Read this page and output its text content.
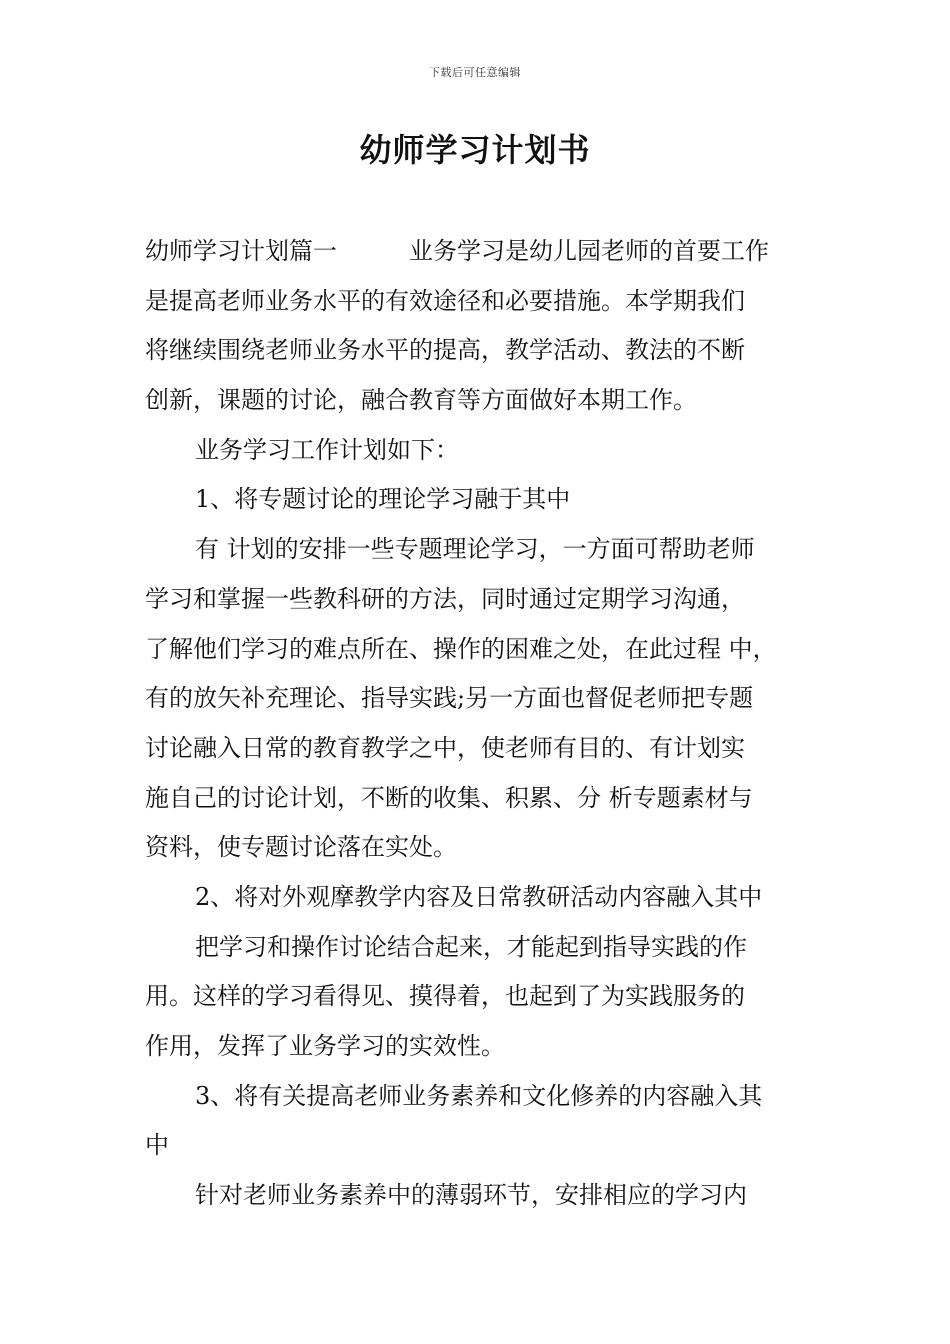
下载后可任意编辑
幼师学习计划书
幼师学习计划篇一　　　业务学习是幼儿园老师的首要工作
是提高老师业务水平的有效途径和必要措施。本学期我们
将继续围绕老师业务水平的提高，教学活动、教法的不断
创新，课题的讨论，融合教育等方面做好本期工作。
业务学习工作计划如下：
1、将专题讨论的理论学习融于其中
有 计划的安排一些专题理论学习，一方面可帮助老师
学习和掌握一些教科研的方法，同时通过定期学习沟通，
了解他们学习的难点所在、操作的困难之处，在此过程 中，
有的放矢补充理论、指导实践;另一方面也督促老师把专题
讨论融入日常的教育教学之中，使老师有目的、有计划实
施自己的讨论计划，不断的收集、积累、分 析专题素材与
资料，使专题讨论落在实处。
2、将对外观摩教学内容及日常教研活动内容融入其中
把学习和操作讨论结合起来，才能起到指导实践的作
用。这样的学习看得见、摸得着，也起到了为实践服务的
作用，发挥了业务学习的实效性。
3、将有关提高老师业务素养和文化修养的内容融入其
中
针对老师业务素养中的薄弱环节，安排相应的学习内
